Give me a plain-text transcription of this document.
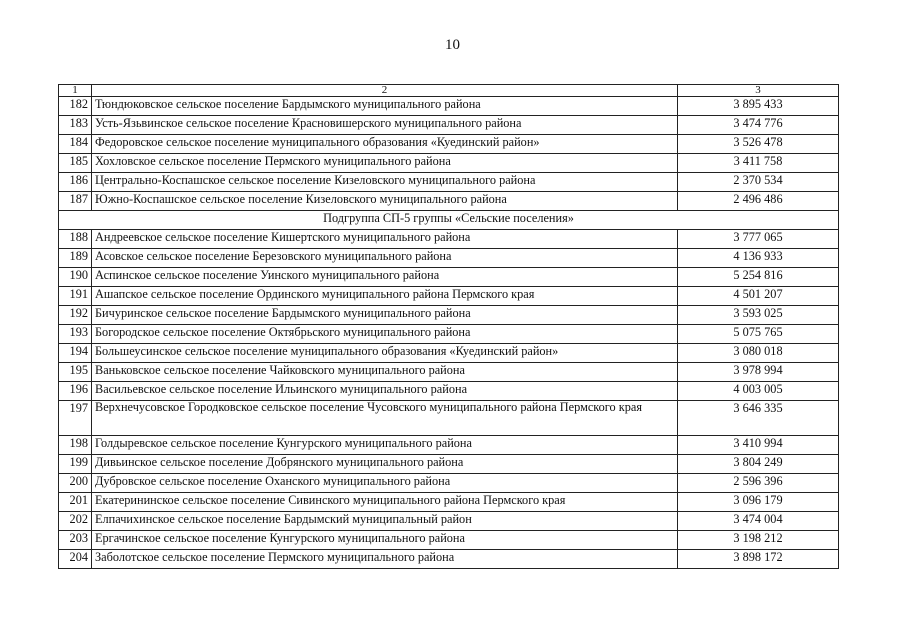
10
1	2	3
182	Тюндюковское сельское поселение Бардымского муниципального района	3 895 433
183	Усть-Язьвинское сельское поселение Красновишерского муниципального района	3 474 776
184	Федоровское сельское поселение муниципального образования «Куединский район»	3 526 478
185	Хохловское сельское поселение Пермского муниципального района	3 411 758
186	Центрально-Коспашское сельское поселение Кизеловского муниципального района	2 370 534
187	Южно-Коспашское сельское поселение Кизеловского муниципального района	2 496 486
Подгруппа СП-5 группы «Сельские поселения»		
188	Андреевское сельское поселение Кишертского муниципального района	3 777 065
189	Асовское сельское поселение Березовского муниципального района	4 136 933
190	Аспинское сельское поселение Уинского муниципального района	5 254 816
191	Ашапское сельское поселение Ординского муниципального района Пермского края	4 501 207
192	Бичуринское сельское поселение Бардымского муниципального района	3 593 025
193	Богородское сельское поселение Октябрьского муниципального района	5 075 765
194	Большеусинское сельское поселение муниципального образования «Куединский район»	3 080 018
195	Ваньковское сельское поселение Чайковского муниципального района	3 978 994
196	Васильевское сельское поселение Ильинского муниципального района	4 003 005
197	Верхнечусовское Городковское сельское поселение Чусовского муниципального района Пермского края	3 646 335
198	Голдыревское сельское поселение Кунгурского муниципального района	3 410 994
199	Дивьинское сельское поселение Добрянского муниципального района	3 804 249
200	Дубровское сельское поселение Оханского муниципального района	2 596 396
201	Екатерининское сельское поселение Сивинского муниципального района Пермского края	3 096 179
202	Елпачихинское сельское поселение Бардымский муниципальный район	3 474 004
203	Ергачинское сельское поселение Кунгурского муниципального района	3 198 212
204	Заболотское сельское поселение Пермского муниципального района	3 898 172
